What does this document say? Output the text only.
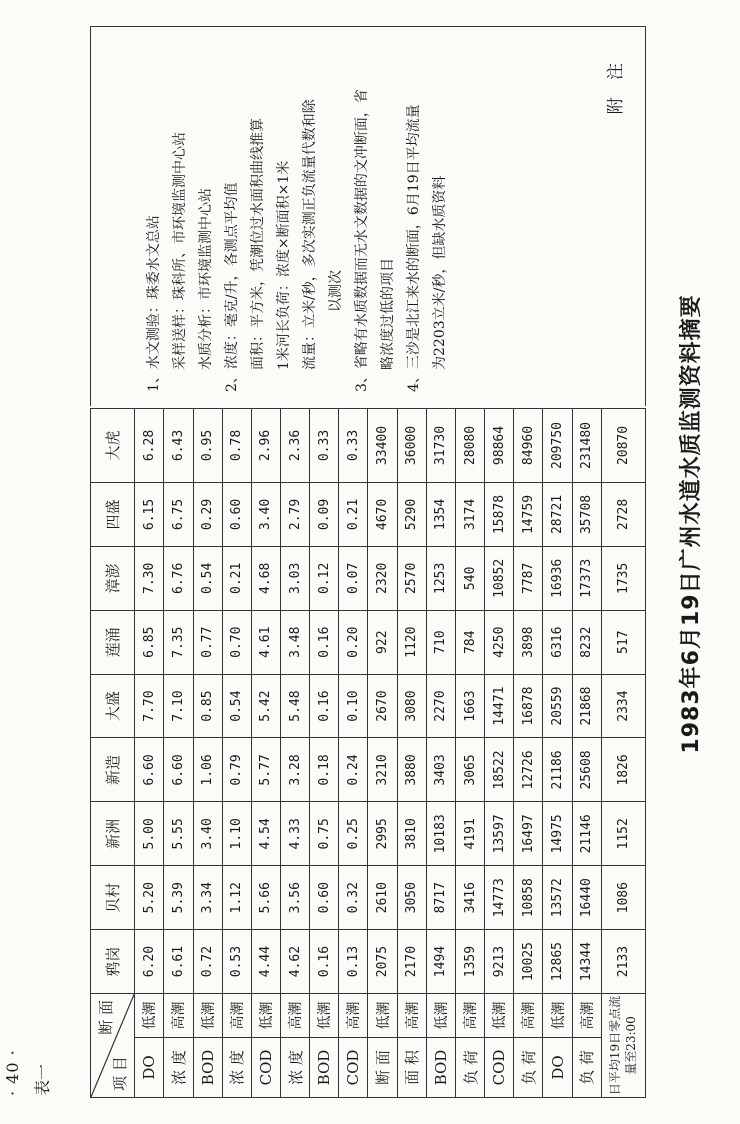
· 40 · 表一
1983年6月19日广州水道水质监测资料摘要
断 面
项 目		鸦岗	贝村	新洲	新造	大盛	莲涌	漳澎	四盛	大虎
DO	低潮	6.20	5.20	5.00	6.60	7.70	6.85	7.30	6.15	6.28
浓 度	高潮	6.61	5.39	5.55	6.60	7.10	7.35	6.76	6.75	6.43
BOD	低潮	0.72	3.34	3.40	1.06	0.85	0.77	0.54	0.29	0.95
浓 度	高潮	0.53	1.12	1.10	0.79	0.54	0.70	0.21	0.60	0.78
COD	低潮	4.44	5.66	4.54	5.77	5.42	4.61	4.68	3.40	2.96
浓 度	高潮	4.62	3.56	4.33	3.28	5.48	3.48	3.03	2.79	2.36
BOD	低潮	0.16	0.60	0.75	0.18	0.16	0.16	0.12	0.09	0.33
COD	高潮	0.13	0.32	0.25	0.24	0.10	0.20	0.07	0.21	0.33
断 面	低潮	2075	2610	2995	3210	2670	922	2320	4670	33400
面 积	高潮	2170	3050	3810	3880	3080	1120	2570	5290	36000
BOD	低潮	1494	8717	10183	3403	2270	710	1253	1354	31730
负 荷	高潮	1359	3416	4191	3065	1663	784	540	3174	28080
COD	低潮	9213	14773	13597	18522	14471	4250	10852	15878	98864
负 荷	高潮	10025	10858	16497	12726	16878	3898	7787	14759	84960
DO	低潮	12865	13572	14975	21186	20559	6316	16936	28721	209750
负 荷	高潮	14344	16440	21146	25608	21868	8232	17373	35708	231480
日平均19日零点流量至23:00		2133	1086	1152	1826	2334	517	1735	2728	20870

1、水文测验：珠委水文总站 采样送样：珠科所、市环境监测中心站 水质分析：市环境监测中心站 2、浓度：毫克/升，各测点平均值 面积：平方米，凭潮位过水面积曲线推算 1米河长负荷：浓度×断面积×1米 流量：立米/秒，多次实测正负流量代数和除 以测次 3、省略有水质数据而无水文数据的文冲断面，省 略浓度过低的项目 4、三沙是北江来水的断面，6月19日平均流量 为2203立米/秒，但缺水质资料

附 注
